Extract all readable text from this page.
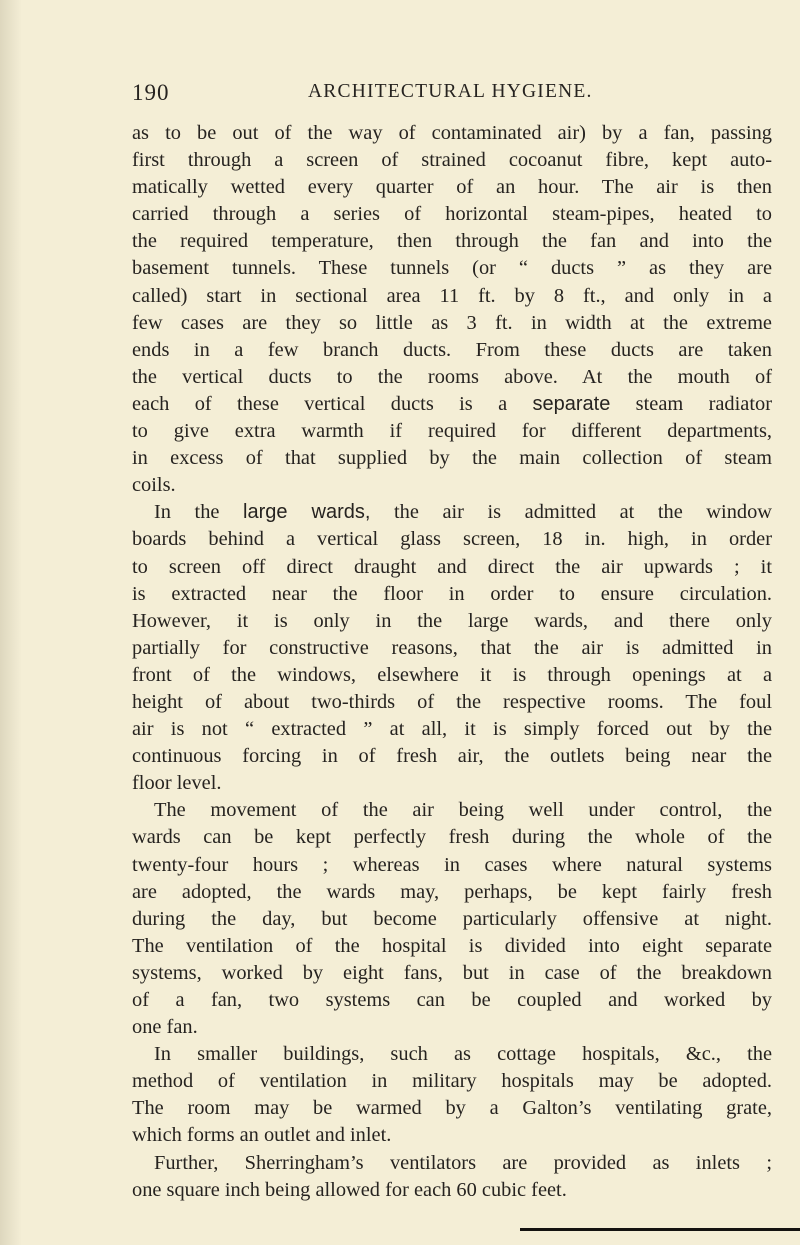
190	ARCHITECTURAL HYGIENE.
as to be out of the way of contaminated air) by a fan, passing
first through a screen of strained cocoanut fibre, kept auto-
matically wetted every quarter of an hour. The air is then
carried through a series of horizontal steam-pipes, heated to
the required temperature, then through the fan and into the
basement tunnels. These tunnels (or “ ducts ” as they are
called) start in sectional area 11 ft. by 8 ft., and only in a
few cases are they so little as 3 ft. in width at the extreme
ends in a few branch ducts. From these ducts are taken
the vertical ducts to the rooms above. At the mouth of
each of these vertical ducts is a separate steam radiator
to give extra warmth if required for different departments,
in excess of that supplied by the main collection of steam
coils.
In the large wards, the air is admitted at the window
boards behind a vertical glass screen, 18 in. high, in order
to screen off direct draught and direct the air upwards ; it
is extracted near the floor in order to ensure circulation.
However, it is only in the large wards, and there only
partially for constructive reasons, that the air is admitted in
front of the windows, elsewhere it is through openings at a
height of about two-thirds of the respective rooms. The foul
air is not “ extracted ” at all, it is simply forced out by the
continuous forcing in of fresh air, the outlets being near the
floor level.
The movement of the air being well under control, the
wards can be kept perfectly fresh during the whole of the
twenty-four hours ; whereas in cases where natural systems
are adopted, the wards may, perhaps, be kept fairly fresh
during the day, but become particularly offensive at night.
The ventilation of the hospital is divided into eight separate
systems, worked by eight fans, but in case of the breakdown
of a fan, two systems can be coupled and worked by
one fan.
In smaller buildings, such as cottage hospitals, &c., the
method of ventilation in military hospitals may be adopted.
The room may be warmed by a Galton’s ventilating grate,
which forms an outlet and inlet.
Further, Sherringham’s ventilators are provided as inlets ;
one square inch being allowed for each 60 cubic feet.
